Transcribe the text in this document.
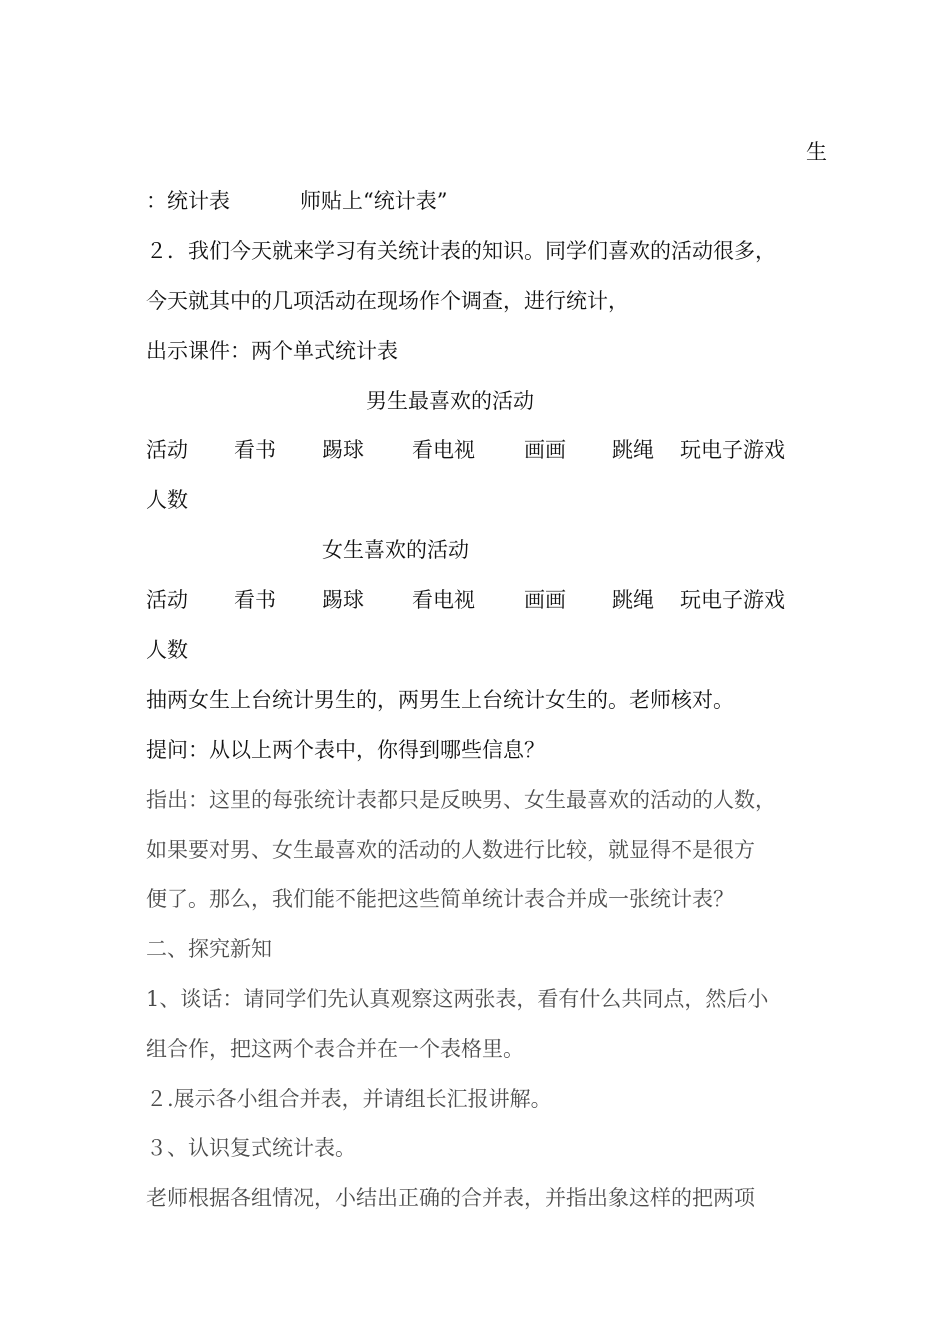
生
：统计表	师贴上“统计表”
２．我们今天就来学习有关统计表的知识。同学们喜欢的活动很多，
今天就其中的几项活动在现场作个调查，进行统计，
出示课件：两个单式统计表
男生最喜欢的活动
活动 看书 踢球 看电视 画画 跳绳 玩电子游戏
人数
女生喜欢的活动
活动 看书 踢球 看电视 画画 跳绳 玩电子游戏
人数
抽两女生上台统计男生的，两男生上台统计女生的。老师核对。
提问：从以上两个表中，你得到哪些信息？
指出：这里的每张统计表都只是反映男、女生最喜欢的活动的人数，
如果要对男、女生最喜欢的活动的人数进行比较，就显得不是很方
便了。那么，我们能不能把这些简单统计表合并成一张统计表？
二、探究新知
1、谈话：请同学们先认真观察这两张表，看有什么共同点，然后小
组合作，把这两个表合并在一个表格里。
２.展示各小组合并表，并请组长汇报讲解。
３、认识复式统计表。
老师根据各组情况，小结出正确的合并表，并指出象这样的把两项
